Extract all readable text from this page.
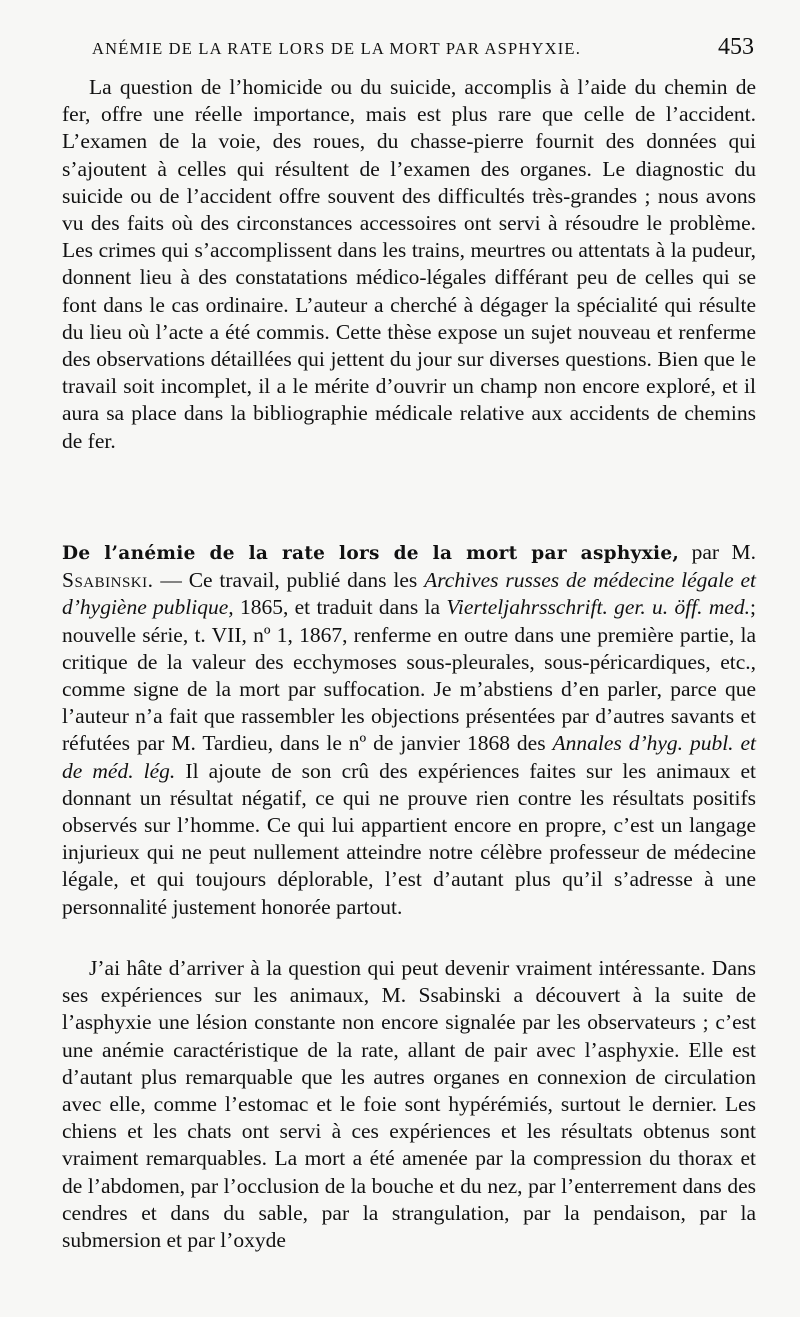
ANÉMIE DE LA RATE LORS DE LA MORT PAR ASPHYXIE.	453

La question de l’homicide ou du suicide, accomplis à l’aide du chemin de fer, offre une réelle importance, mais est plus rare que celle de l’accident. L’examen de la voie, des roues, du chasse-pierre fournit des données qui s’ajoutent à celles qui résultent de l’examen des organes. Le diagnostic du suicide ou de l’accident offre souvent des difficultés très-grandes ; nous avons vu des faits où des circonstances accessoires ont servi à résoudre le problème. Les crimes qui s’accomplissent dans les trains, meurtres ou attentats à la pudeur, donnent lieu à des constatations médico-légales différant peu de celles qui se font dans le cas ordinaire. L’auteur a cherché à dégager la spécialité qui résulte du lieu où l’acte a été commis. Cette thèse expose un sujet nouveau et renferme des observations détaillées qui jettent du jour sur diverses questions. Bien que le travail soit incomplet, il a le mérite d’ouvrir un champ non encore exploré, et il aura sa place dans la bibliographie médicale relative aux accidents de chemins de fer.

De l’anémie de la rate lors de la mort par asphyxie, par M. Ssabinski. — Ce travail, publié dans les Archives russes de médecine légale et d’hygiène publique, 1865, et traduit dans la Vierteljahrsschrift. ger. u. öff. med.; nouvelle série, t. VII, nº 1, 1867, renferme en outre dans une première partie, la critique de la valeur des ecchymoses sous-pleurales, sous-péricardiques, etc., comme signe de la mort par suffocation. Je m’abstiens d’en parler, parce que l’auteur n’a fait que rassembler les objections présentées par d’autres savants et réfutées par M. Tardieu, dans le nº de janvier 1868 des Annales d’hyg. publ. et de méd. lég. Il ajoute de son crû des expériences faites sur les animaux et donnant un résultat négatif, ce qui ne prouve rien contre les résultats positifs observés sur l’homme. Ce qui lui appartient encore en propre, c’est un langage injurieux qui ne peut nullement atteindre notre célèbre professeur de médecine légale, et qui toujours déplorable, l’est d’autant plus qu’il s’adresse à une personnalité justement honorée partout.

J’ai hâte d’arriver à la question qui peut devenir vraiment intéressante. Dans ses expériences sur les animaux, M. Ssabinski a découvert à la suite de l’asphyxie une lésion constante non encore signalée par les observateurs ; c’est une anémie caractéristique de la rate, allant de pair avec l’asphyxie. Elle est d’autant plus remarquable que les autres organes en connexion de circulation avec elle, comme l’estomac et le foie sont hypérémiés, surtout le dernier. Les chiens et les chats ont servi à ces expériences et les résultats obtenus sont vraiment remarquables. La mort a été amenée par la compression du thorax et de l’abdomen, par l’occlusion de la bouche et du nez, par l’enterrement dans des cendres et dans du sable, par la strangulation, par la pendaison, par la submersion et par l’oxyde
